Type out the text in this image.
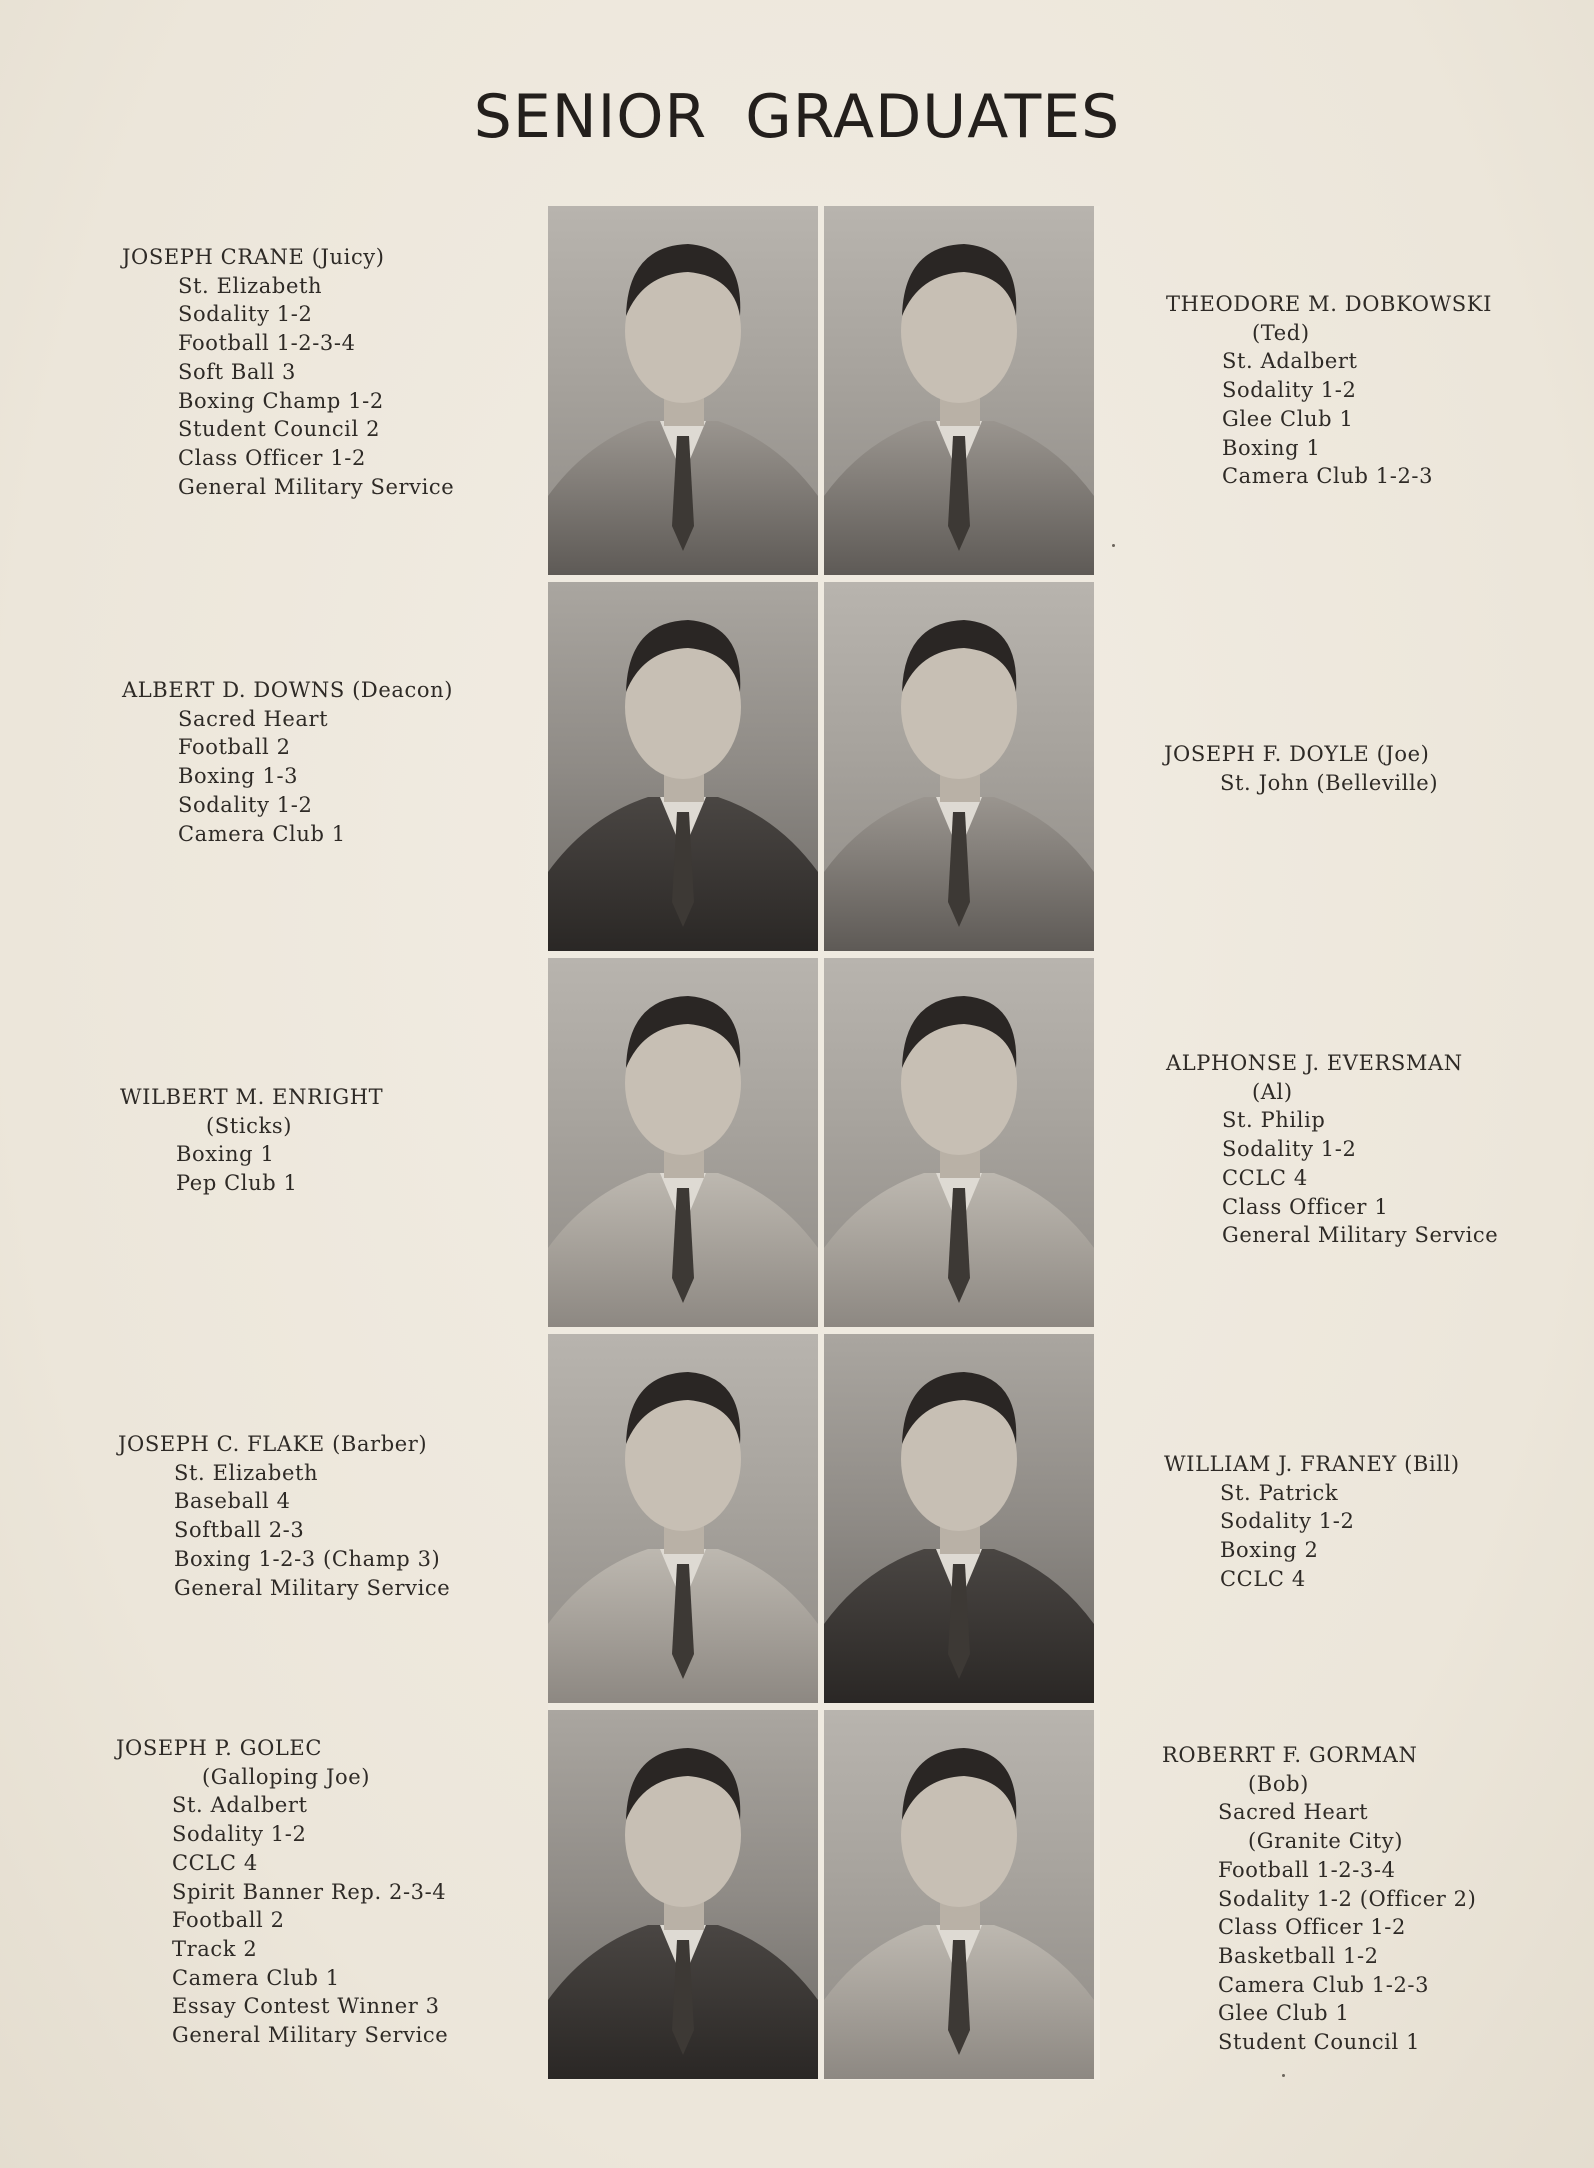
SENIOR GRADUATES
JOSEPH CRANE (Juicy)
St. Elizabeth
Sodality 1-2
Football 1-2-3-4
Soft Ball 3
Boxing Champ 1-2
Student Council 2
Class Officer 1-2
General Military Service
ALBERT D. DOWNS (Deacon)
Sacred Heart
Football 2
Boxing 1-3
Sodality 1-2
Camera Club 1
WILBERT M. ENRIGHT
(Sticks)
Boxing 1
Pep Club 1
JOSEPH C. FLAKE (Barber)
St. Elizabeth
Baseball 4
Softball 2-3
Boxing 1-2-3 (Champ 3)
General Military Service
JOSEPH P. GOLEC
(Galloping Joe)
St. Adalbert
Sodality 1-2
CCLC 4
Spirit Banner Rep. 2-3-4
Football 2
Track 2
Camera Club 1
Essay Contest Winner 3
General Military Service
THEODORE M. DOBKOWSKI
(Ted)
St. Adalbert
Sodality 1-2
Glee Club 1
Boxing 1
Camera Club 1-2-3
JOSEPH F. DOYLE (Joe)
St. John (Belleville)
ALPHONSE J. EVERSMAN
(Al)
St. Philip
Sodality 1-2
CCLC 4
Class Officer 1
General Military Service
WILLIAM J. FRANEY (Bill)
St. Patrick
Sodality 1-2
Boxing 2
CCLC 4
ROBERRT F. GORMAN
(Bob)
Sacred Heart
(Granite City)
Football 1-2-3-4
Sodality 1-2 (Officer 2)
Class Officer 1-2
Basketball 1-2
Camera Club 1-2-3
Glee Club 1
Student Council 1
